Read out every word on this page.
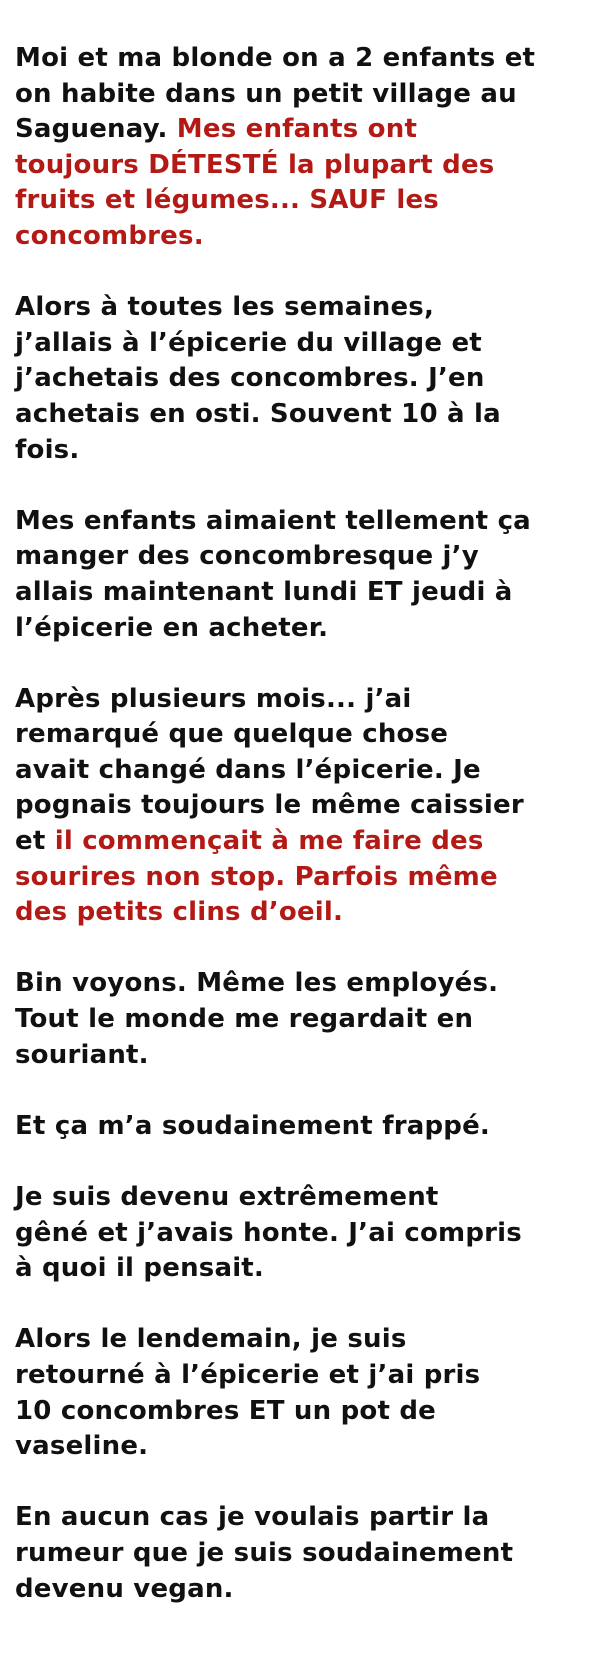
Moi et ma blonde on a 2 enfants et
on habite dans un petit village au
Saguenay. Mes enfants ont
toujours DÉTESTÉ la plupart des
fruits et légumes... SAUF les
concombres.
Alors à toutes les semaines,
j’allais à l’épicerie du village et
j’achetais des concombres. J’en
achetais en osti. Souvent 10 à la
fois.
Mes enfants aimaient tellement ça
manger des concombresque j’y
allais maintenant lundi ET jeudi à
l’épicerie en acheter.
Après plusieurs mois... j’ai
remarqué que quelque chose
avait changé dans l’épicerie. Je
pognais toujours le même caissier
et il commençait à me faire des
sourires non stop. Parfois même
des petits clins d’oeil.
Bin voyons. Même les employés.
Tout le monde me regardait en
souriant.
Et ça m’a soudainement frappé.
Je suis devenu extrêmement
gêné et j’avais honte. J’ai compris
à quoi il pensait.
Alors le lendemain, je suis
retourné à l’épicerie et j’ai pris
10 concombres ET un pot de
vaseline.
En aucun cas je voulais partir la
rumeur que je suis soudainement
devenu vegan.
